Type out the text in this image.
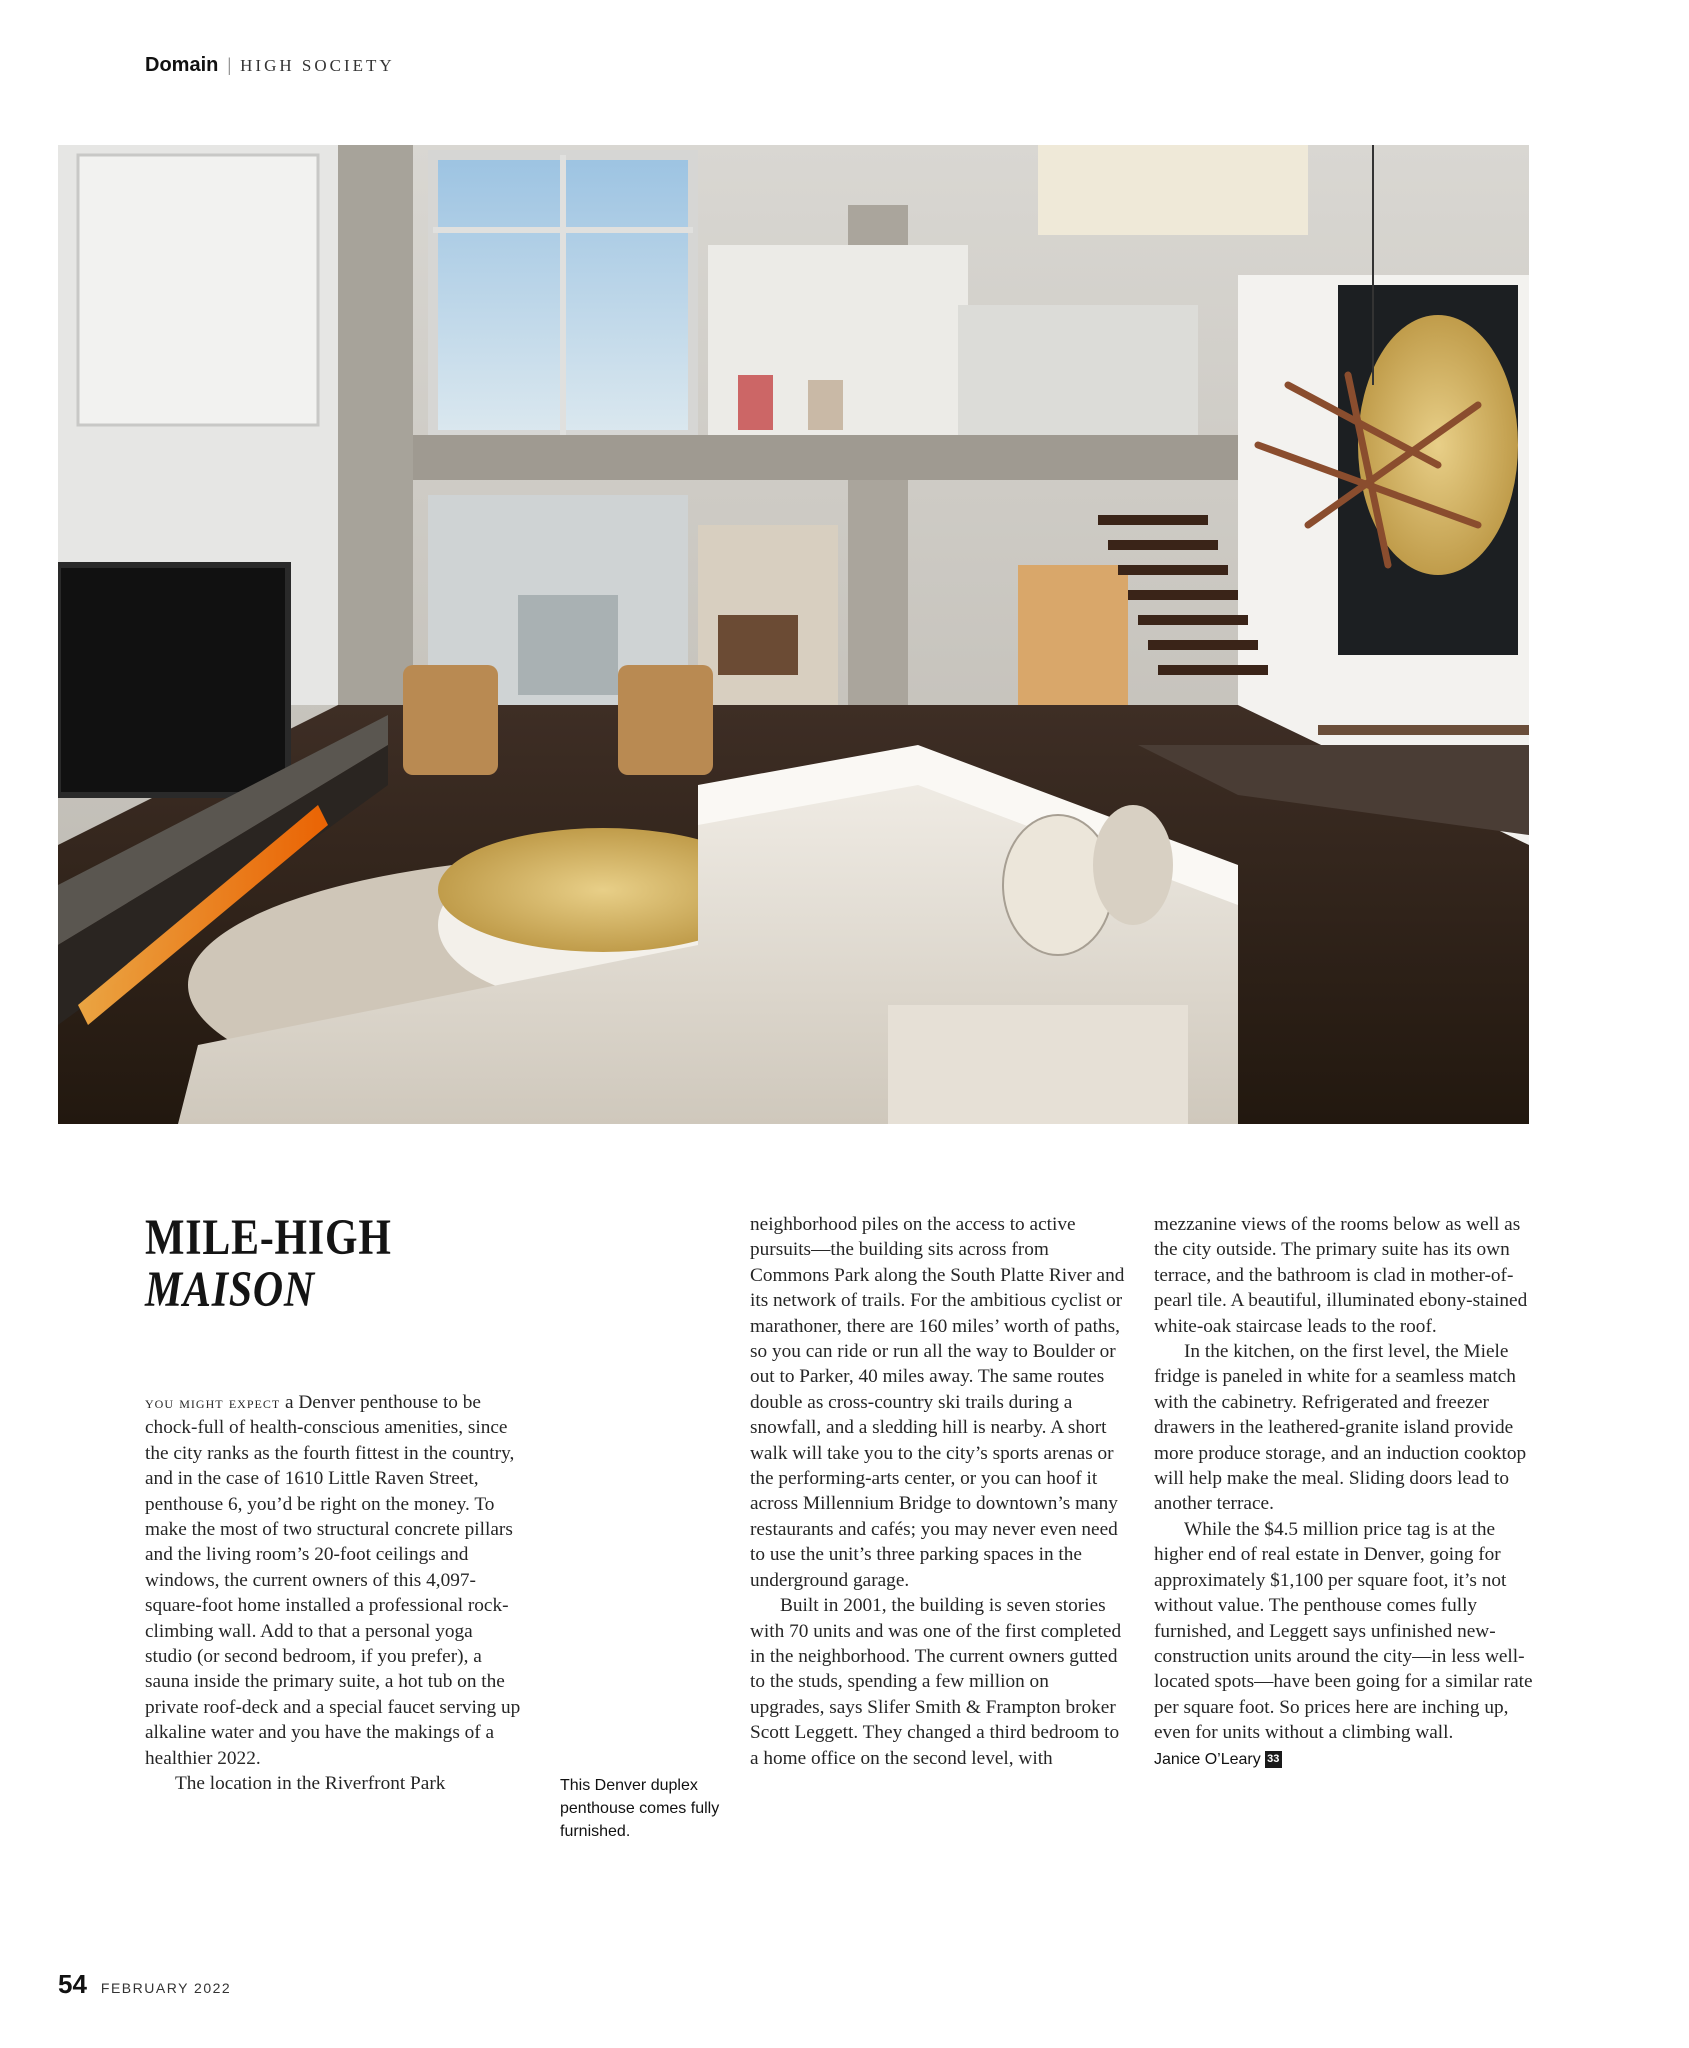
Domain | HIGH SOCIETY
MILE-HIGH
MAISON

you might expect a Denver penthouse to be chock-full of health-conscious amenities, since the city ranks as the fourth fittest in the country, and in the case of 1610 Little Raven Street, penthouse 6, you’d be right on the money. To make the most of two structural concrete pillars and the living room’s 20-foot ceilings and windows, the current owners of this 4,097-square-foot home installed a professional rock-climbing wall. Add to that a personal yoga studio (or second bedroom, if you prefer), a sauna inside the primary suite, a hot tub on the private roof-deck and a special faucet serving up alkaline water and you have the makings of a healthier 2022.

The location in the Riverfront Park	This Denver duplex penthouse comes fully furnished.

neighborhood piles on the access to active pursuits—the building sits across from Commons Park along the South Platte River and its network of trails. For the ambitious cyclist or marathoner, there are 160 miles’ worth of paths, so you can ride or run all the way to Boulder or out to Parker, 40 miles away. The same routes double as cross-country ski trails during a snowfall, and a sledding hill is nearby. A short walk will take you to the city’s sports arenas or the performing-arts center, or you can hoof it across Millennium Bridge to downtown’s many restaurants and cafés; you may never even need to use the unit’s three parking spaces in the underground garage.

Built in 2001, the building is seven stories with 70 units and was one of the first completed in the neighborhood. The current owners gutted to the studs, spending a few million on upgrades, says Slifer Smith & Frampton broker Scott Leggett. They changed a third bedroom to a home office on the second level, with

mezzanine views of the rooms below as well as the city outside. The primary suite has its own terrace, and the bathroom is clad in mother-of-pearl tile. A beautiful, illuminated ebony-stained white-oak staircase leads to the roof.

In the kitchen, on the first level, the Miele fridge is paneled in white for a seamless match with the cabinetry. Refrigerated and freezer drawers in the leathered-granite island provide more produce storage, and an induction cooktop will help make the meal. Sliding doors lead to another terrace.

While the $4.5 million price tag is at the higher end of real estate in Denver, going for approximately $1,100 per square foot, it’s not without value. The penthouse comes fully furnished, and Leggett says unfinished new-construction units around the city—in less well-located spots—have been going for a similar rate per square foot. So prices here are inching up, even for units without a climbing wall.

Janice O’Leary 33
54 FEBRUARY 2022
